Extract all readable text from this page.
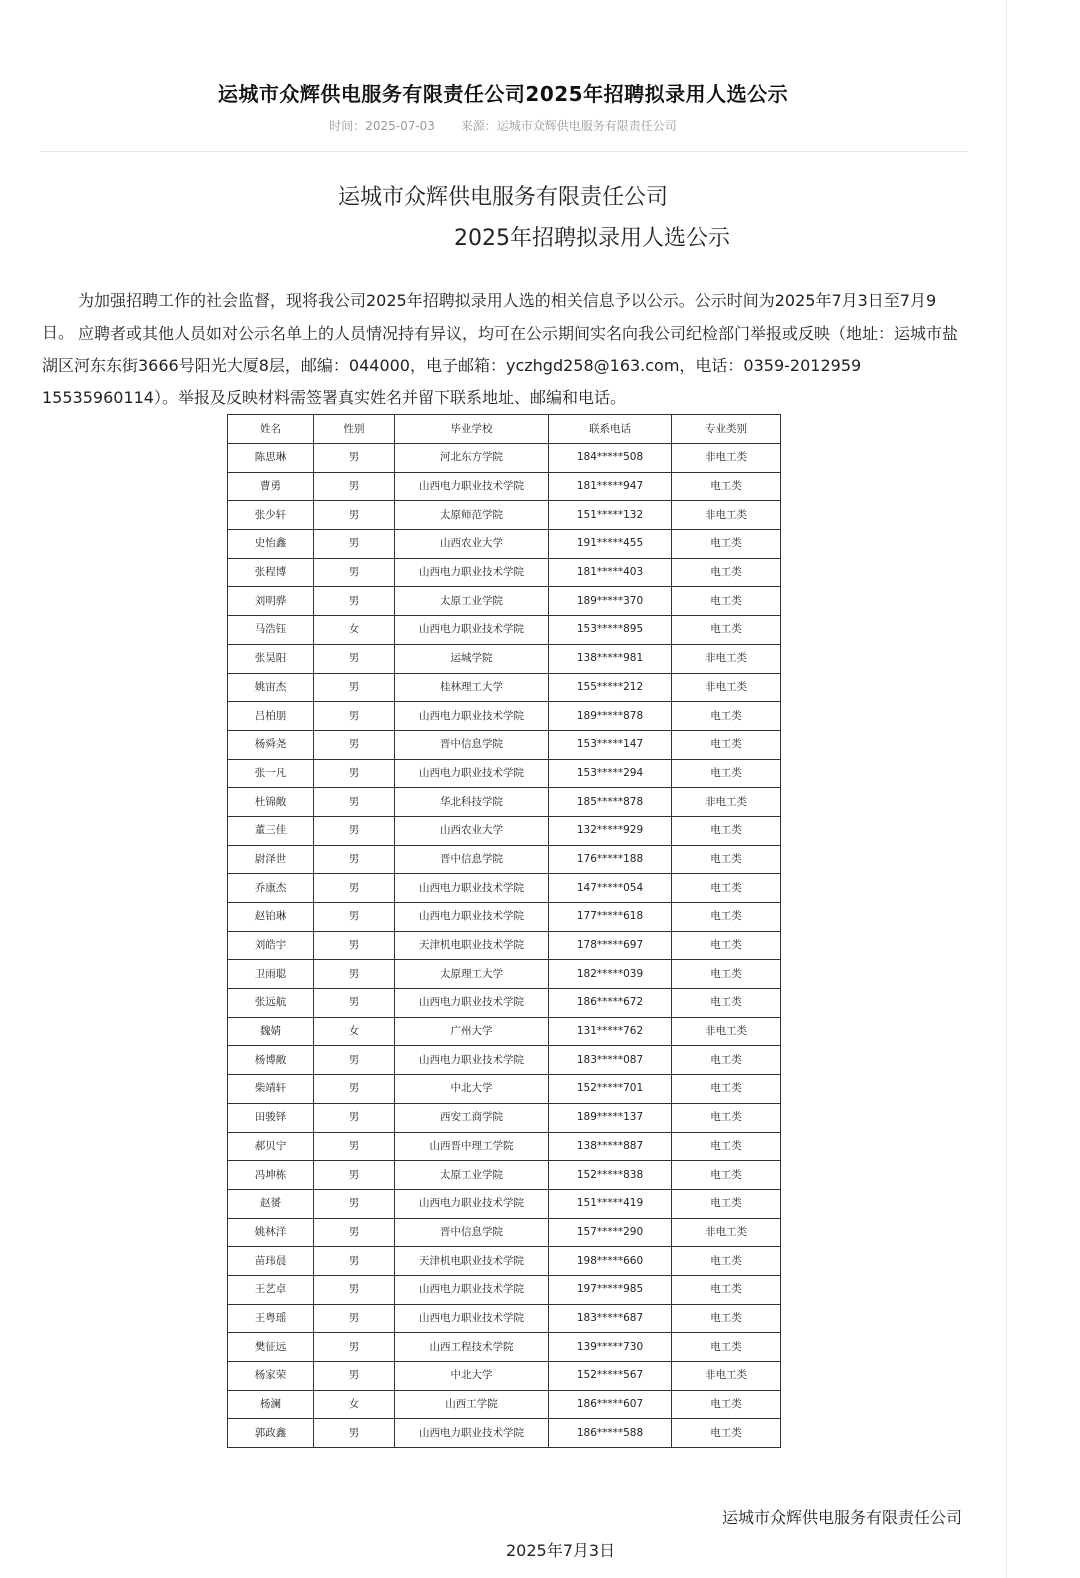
运城市众辉供电服务有限责任公司2025年招聘拟录用人选公示
时间：2025-07-03 来源：运城市众辉供电服务有限责任公司
运城市众辉供电服务有限责任公司
2025年招聘拟录用人选公示
为加强招聘工作的社会监督，现将我公司2025年招聘拟录用人选的相关信息予以公示。公示时间为2025年7月3日至7月9日。 应聘者或其他人员如对公示名单上的人员情况持有异议，均可在公示期间实名向我公司纪检部门举报或反映（地址：运城市盐湖区河东东街3666号阳光大厦8层，邮编：044000，电子邮箱：yczhgd258@163.com，电话：0359-2012959 15535960114）。举报及反映材料需签署真实姓名并留下联系地址、邮编和电话。
姓名	性别	毕业学校	联系电话	专业类别
陈思琳	男	河北东方学院	184*****508	非电工类
曹勇	男	山西电力职业技术学院	181*****947	电工类
张少轩	男	太原师范学院	151*****132	非电工类
史怡鑫	男	山西农业大学	191*****455	电工类
张程博	男	山西电力职业技术学院	181*****403	电工类
刘明骅	男	太原工业学院	189*****370	电工类
马浩钰	女	山西电力职业技术学院	153*****895	电工类
张昊阳	男	运城学院	138*****981	非电工类
姚宙杰	男	桂林理工大学	155*****212	非电工类
吕柏朋	男	山西电力职业技术学院	189*****878	电工类
杨舜尧	男	晋中信息学院	153*****147	电工类
张一凡	男	山西电力职业技术学院	153*****294	电工类
杜锦敞	男	华北科技学院	185*****878	非电工类
董三佳	男	山西农业大学	132*****929	电工类
尉泽世	男	晋中信息学院	176*****188	电工类
乔康杰	男	山西电力职业技术学院	147*****054	电工类
赵铂琳	男	山西电力职业技术学院	177*****618	电工类
刘皓宇	男	天津机电职业技术学院	178*****697	电工类
卫雨聪	男	太原理工大学	182*****039	电工类
张远航	男	山西电力职业技术学院	186*****672	电工类
魏婧	女	广州大学	131*****762	非电工类
杨博敞	男	山西电力职业技术学院	183*****087	电工类
柴靖轩	男	中北大学	152*****701	电工类
田骏铎	男	西安工商学院	189*****137	电工类
郝贝宁	男	山西晋中理工学院	138*****887	电工类
冯坤栋	男	太原工业学院	152*****838	电工类
赵赟	男	山西电力职业技术学院	151*****419	电工类
姚林洋	男	晋中信息学院	157*****290	非电工类
苗玮晨	男	天津机电职业技术学院	198*****660	电工类
王艺卓	男	山西电力职业技术学院	197*****985	电工类
王粤瑶	男	山西电力职业技术学院	183*****687	电工类
樊征远	男	山西工程技术学院	139*****730	电工类
杨家荣	男	中北大学	152*****567	非电工类
杨澜	女	山西工学院	186*****607	电工类
郭政鑫	男	山西电力职业技术学院	186*****588	电工类
运城市众辉供电服务有限责任公司
2025年7月3日
